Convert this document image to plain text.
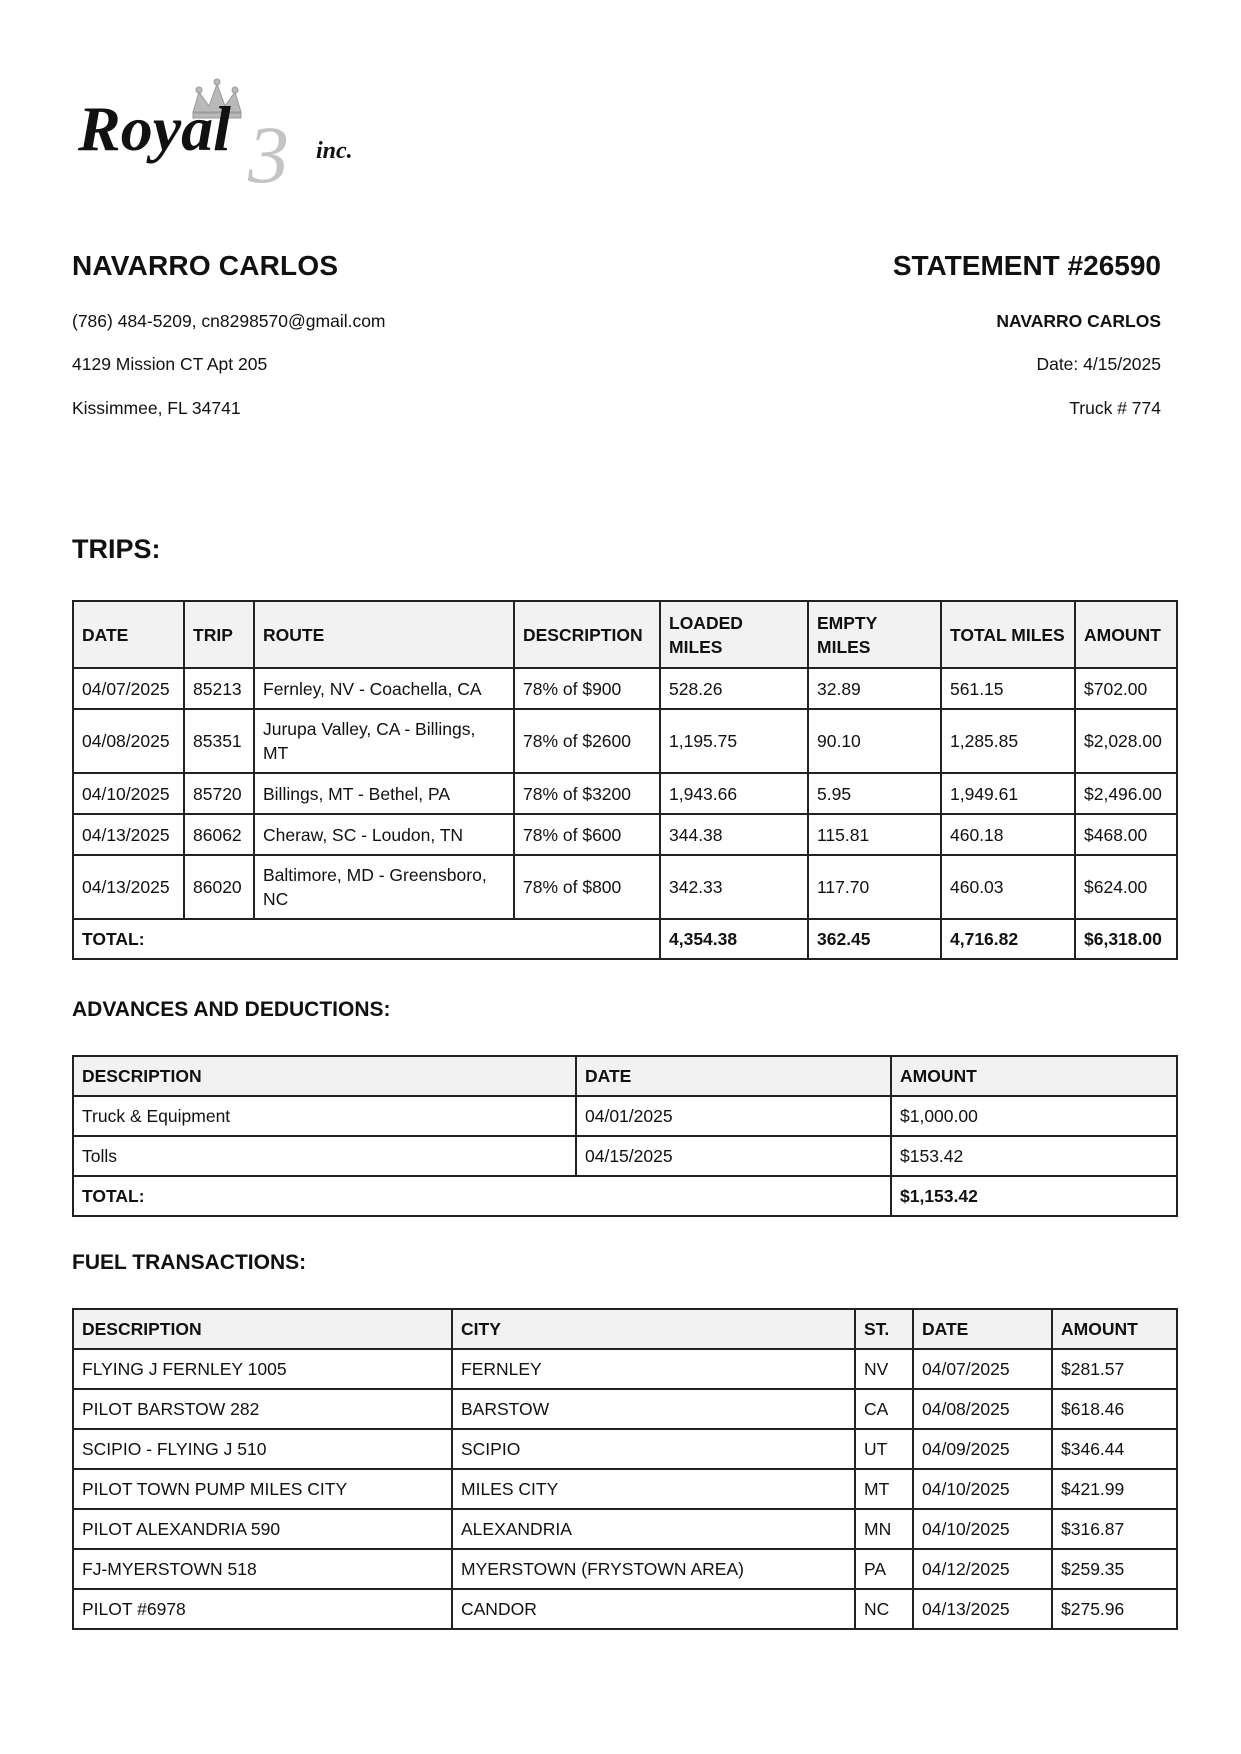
3
Royal	inc.
NAVARRO CARLOS
(786) 484-5209, cn8298570@gmail.com
4129 Mission CT Apt 205
Kissimmee, FL 34741
STATEMENT #26590
NAVARRO CARLOS
Date: 4/15/2025
Truck # 774
TRIPS:
DATE	TRIP	ROUTE	DESCRIPTION	LOADED MILES	EMPTY MILES	TOTAL MILES	AMOUNT
04/07/2025	85213	Fernley, NV - Coachella, CA	78% of $900	528.26	32.89	561.15	$702.00
04/08/2025	85351	Jurupa Valley, CA - Billings, MT	78% of $2600	1,195.75	90.10	1,285.85	$2,028.00
04/10/2025	85720	Billings, MT - Bethel, PA	78% of $3200	1,943.66	5.95	1,949.61	$2,496.00
04/13/2025	86062	Cheraw, SC - Loudon, TN	78% of $600	344.38	115.81	460.18	$468.00
04/13/2025	86020	Baltimore, MD - Greensboro, NC	78% of $800	342.33	117.70	460.03	$624.00
TOTAL:				4,354.38	362.45	4,716.82	$6,318.00
ADVANCES AND DEDUCTIONS:
DESCRIPTION	DATE	AMOUNT
Truck & Equipment	04/01/2025	$1,000.00
Tolls	04/15/2025	$153.42
TOTAL:		$1,153.42
FUEL TRANSACTIONS:
DESCRIPTION	CITY	ST.	DATE	AMOUNT
FLYING J FERNLEY 1005	FERNLEY	NV	04/07/2025	$281.57
PILOT BARSTOW 282	BARSTOW	CA	04/08/2025	$618.46
SCIPIO - FLYING J 510	SCIPIO	UT	04/09/2025	$346.44
PILOT TOWN PUMP MILES CITY	MILES CITY	MT	04/10/2025	$421.99
PILOT ALEXANDRIA 590	ALEXANDRIA	MN	04/10/2025	$316.87
FJ-MYERSTOWN 518	MYERSTOWN (FRYSTOWN AREA)	PA	04/12/2025	$259.35
PILOT #6978	CANDOR	NC	04/13/2025	$275.96
